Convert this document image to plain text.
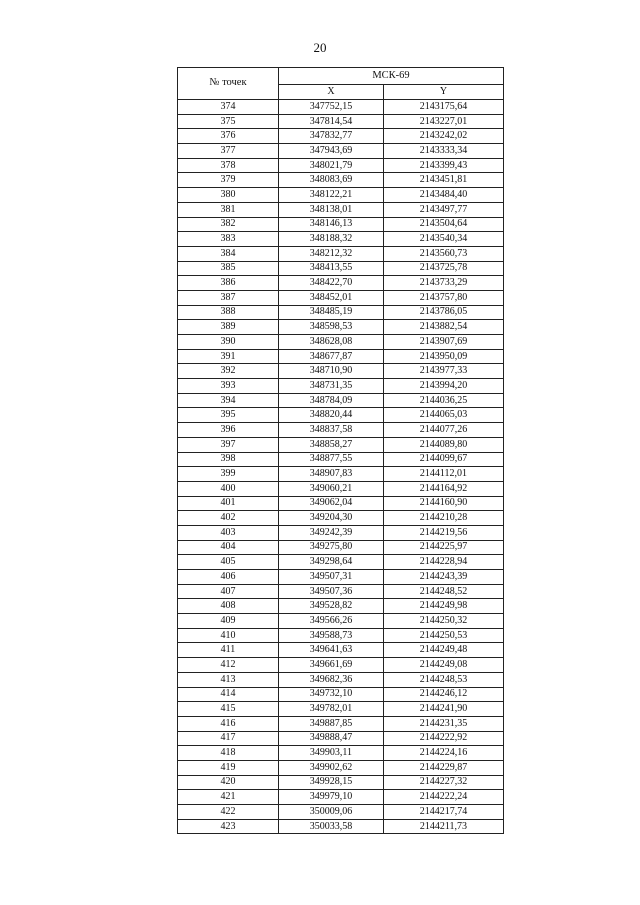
20
№ точек	МСК-69	
	X	Y
374	347752,15	2143175,64
375	347814,54	2143227,01
376	347832,77	2143242,02
377	347943,69	2143333,34
378	348021,79	2143399,43
379	348083,69	2143451,81
380	348122,21	2143484,40
381	348138,01	2143497,77
382	348146,13	2143504,64
383	348188,32	2143540,34
384	348212,32	2143560,73
385	348413,55	2143725,78
386	348422,70	2143733,29
387	348452,01	2143757,80
388	348485,19	2143786,05
389	348598,53	2143882,54
390	348628,08	2143907,69
391	348677,87	2143950,09
392	348710,90	2143977,33
393	348731,35	2143994,20
394	348784,09	2144036,25
395	348820,44	2144065,03
396	348837,58	2144077,26
397	348858,27	2144089,80
398	348877,55	2144099,67
399	348907,83	2144112,01
400	349060,21	2144164,92
401	349062,04	2144160,90
402	349204,30	2144210,28
403	349242,39	2144219,56
404	349275,80	2144225,97
405	349298,64	2144228,94
406	349507,31	2144243,39
407	349507,36	2144248,52
408	349528,82	2144249,98
409	349566,26	2144250,32
410	349588,73	2144250,53
411	349641,63	2144249,48
412	349661,69	2144249,08
413	349682,36	2144248,53
414	349732,10	2144246,12
415	349782,01	2144241,90
416	349887,85	2144231,35
417	349888,47	2144222,92
418	349903,11	2144224,16
419	349902,62	2144229,87
420	349928,15	2144227,32
421	349979,10	2144222,24
422	350009,06	2144217,74
423	350033,58	2144211,73
